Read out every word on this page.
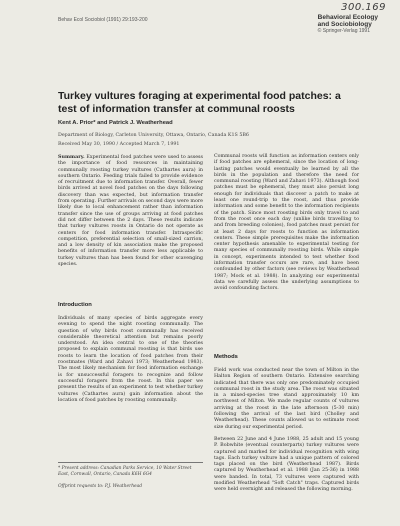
300.169
Behav Ecol Sociobiol (1991) 29:193-200	Behavioral Ecology
and Sociobiology
© Springer-Verlag 1991
Turkey vultures foraging at experimental food patches: a test of information transfer at communal roosts
Kent A. Prior* and Patrick J. Weatherhead
Department of Biology, Carleton University, Ottawa, Ontario, Canada K1S 5B6
Received May 30, 1990 / Accepted March 7, 1991

Summary. Experimental food patches were used to assess the importance of food resources in maintaining communally roosting turkey vultures (Cathartes aura) in southern Ontario. Feeding trials failed to provide evidence of recruitment due to information transfer. Overall, fewer birds arrived at novel food patches on the days following discovery than was expected, but information transfer from operating. Further arrivals on second days were more likely due to local enhancement rather than information transfer since the use of groups arriving at food patches did not differ between the 2 days. These results indicate that turkey vultures roosts in Ontario do not operate as centers for food information transfer. Intraspecific competition, preferential selection of small-sized carrion, and a low density of kin association make the proposed benefits of information transfer more less applicable to turkey vultures than has been found for other scavenging species.

Introduction

Individuals of many species of birds aggregate every evening to spend the night roosting communally. The question of why birds roost communally has received considerable theoretical attention but remains poorly understood. An idea central to one of the theories proposed to explain communal roosting is that birds use roosts to learn the location of food patches from their roostmates (Ward and Zahavi 1973; Weatherhead 1983). The most likely mechanism for food information exchange is for unsuccessful foragers to recognize and follow successful foragers from the roost. In this paper we present the results of an experiment to test whether turkey vultures (Cathartes aura) gain information about the location of food patches by roosting communally.

* Present address: Canadian Parks Service, 10 Water Street East, Cornwall, Ontario, Canada K6H 6G4
Offprint requests to: P.J. Weatherhead

Communal roosts will function as information centers only if food patches are ephemeral, since the location of long-lasting patches would eventually be learned by all the birds in the population and therefore the need for communal roosting (Ward and Zahavi 1973). Although food patches must be ephemeral, they must also persist long enough for individuals that discover a patch to make at least one round-trip to the roost, and thus provide information and some benefit to the information recipients of the patch. Since most roosting birds only travel to and from the roost once each day (unlike birds travelling to and from breeding colonies), food patches must persist for at least 2 days for roosts to function as information centers. These simple prerequisites make the information center hypothesis amenable to experimental testing for many species of communally roosting birds. While simple in concept, experiments intended to test whether food information transfer occurs are rare, and have been confounded by other factors (see reviews by Weatherhead 1987; Mock et al. 1988). In analyzing our experimental data we carefully assess the underlying assumptions to avoid confounding factors.

Methods

Field work was conducted near the town of Milton in the Halton Region of southern Ontario. Extensive searching indicated that there was only one predominately occupied communal roost in the study area. The roost was situated in a mixed-species tree stand approximately 10 km northwest of Milton. We made regular counts of vultures arriving at the roost in the late afternoon (5-30 min) following the arrival of the last bird (Cholley and Weatherhead). These counts allowed us to estimate roost size during our experimental period.

Between 22 June and 4 June 1988, 25 adult and 15 young P. Bobwhite (eventual counterparts) turkey vultures were captured and marked for individual recognition with wing tags. Each turkey vulture had a unique pattern of colored tags placed on the bird (Weatherhead 1987). Birds captured by Weatherhead et al. 1988 (Jan 25-36) in 1988 were banded. In total, 73 vultures were captured with modified Weatherhead "Soft Catch" traps. Captured birds were held overnight and released the following morning.
